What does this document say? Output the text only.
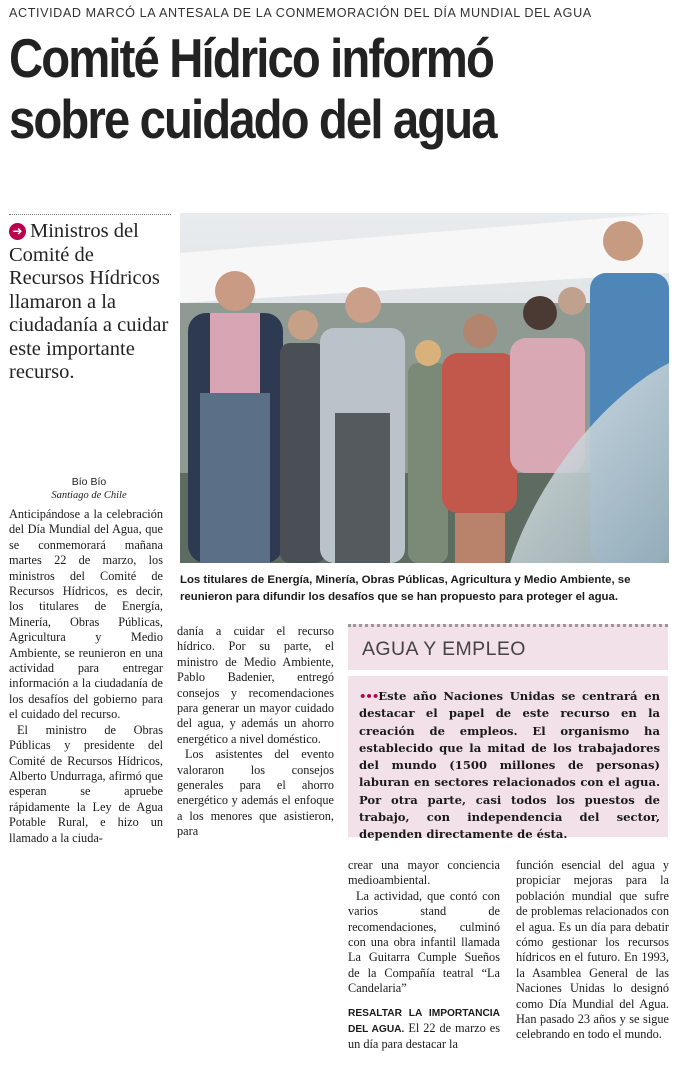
ACTIVIDAD MARCÓ LA ANTESALA DE LA CONMEMORACIÓN DEL DÍA MUNDIAL DEL AGUA
Comité Hídrico informó
sobre cuidado del agua
➜ Ministros del Comité de Recursos Hídricos llamaron a la ciudadanía a cuidar este importante recurso.
Bío Bío
Santiago de Chile
Los titulares de Energía, Minería, Obras Públicas, Agricultura y Medio Ambiente, se reunieron para difundir los desafíos que se han propuesto para proteger el agua.

Anticipándose a la celebración del Día Mundial del Agua, que se conmemorará mañana martes 22 de marzo, los ministros del Comité de Recursos Hídricos, es decir, los titulares de Energía, Minería, Obras Públicas, Agricultura y Medio Ambiente, se reunieron en una actividad para entregar información a la ciudadanía de los desafíos del gobierno para el cuidado del recurso.

El ministro de Obras Públicas y presidente del Comité de Recursos Hídricos, Alberto Undurraga, afirmó que esperan se apruebe rápidamente la Ley de Agua Potable Rural, e hizo un llamado a la ciuda-

danía a cuidar el recurso hídrico. Por su parte, el ministro de Medio Ambiente, Pablo Badenier, entregó consejos y recomendaciones para generar un mayor cuidado del agua, y además un ahorro energético a nivel doméstico.

Los asistentes del evento valoraron los consejos generales para el ahorro energético y además el enfoque a los menores que asistieron, para

AGUA Y EMPLEO
•••Este año Naciones Unidas se centrará en destacar el papel de este recurso en la creación de empleos. El organismo ha establecido que la mitad de los trabajadores del mundo (1500 millones de personas) laburan en sectores relacionados con el agua. Por otra parte, casi todos los puestos de trabajo, con independencia del sector, dependen directamente de ésta.

crear una mayor conciencia medioambiental.

La actividad, que contó con varios stand de recomendaciones, culminó con una obra infantil llamada La Guitarra Cumple Sueños de la Compañía teatral “La Candelaria”

RESALTAR LA IMPORTANCIA DEL AGUA. El 22 de marzo es un día para destacar la

función esencial del agua y propiciar mejoras para la población mundial que sufre de problemas relacionados con el agua. Es un día para debatir cómo gestionar los recursos hídricos en el futuro. En 1993, la Asamblea General de las Naciones Unidas lo designó como Día Mundial del Agua. Han pasado 23 años y se sigue celebrando en todo el mundo.
